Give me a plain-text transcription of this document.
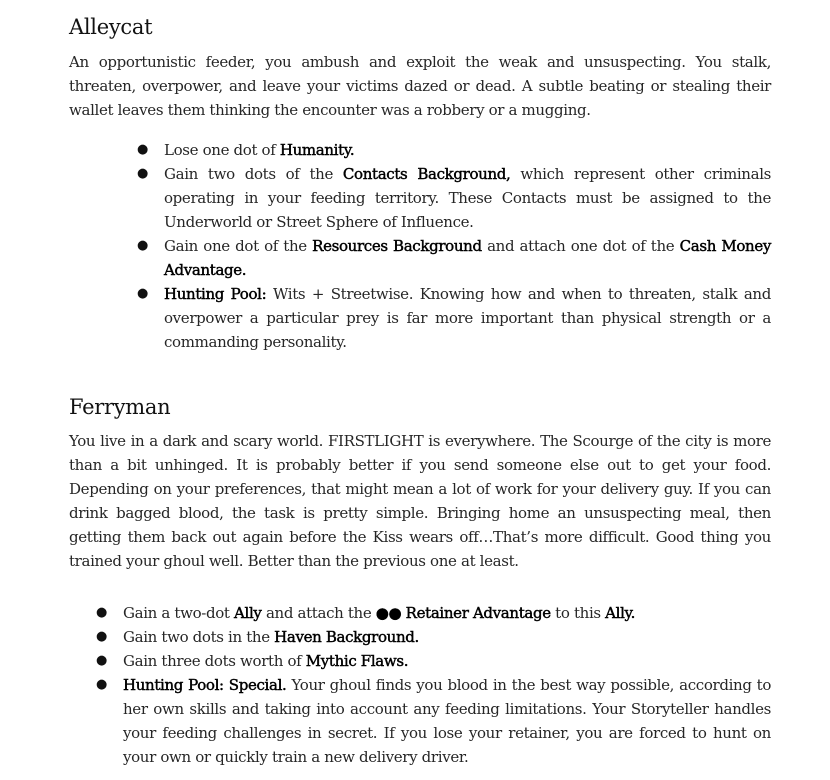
Alleycat

An opportunistic feeder, you ambush and exploit the weak and unsuspecting. You stalk, threaten, overpower, and leave your victims dazed or dead. A subtle beating or stealing their wallet leaves them thinking the encounter was a robbery or a mugging.

● Lose one dot of Humanity.
● Gain two dots of the Contacts Background, which represent other criminals operating in your feeding territory. These Contacts must be assigned to the Underworld or Street Sphere of Influence.
● Gain one dot of the Resources Background and attach one dot of the Cash Money Advantage.
● Hunting Pool: Wits + Streetwise. Knowing how and when to threaten, stalk and overpower a particular prey is far more important than physical strength or a commanding personality.
Ferryman

You live in a dark and scary world. FIRSTLIGHT is everywhere. The Scourge of the city is more than a bit unhinged. It is probably better if you send someone else out to get your food. Depending on your preferences, that might mean a lot of work for your delivery guy. If you can drink bagged blood, the task is pretty simple. Bringing home an unsuspecting meal, then getting them back out again before the Kiss wears off…That’s more difficult. Good thing you trained your ghoul well. Better than the previous one at least.

● Gain a two-dot Ally and attach the ●● Retainer Advantage to this Ally.
● Gain two dots in the Haven Background.
● Gain three dots worth of Mythic Flaws.
● Hunting Pool: Special. Your ghoul finds you blood in the best way possible, according to her own skills and taking into account any feeding limitations. Your Storyteller handles your feeding challenges in secret. If you lose your retainer, you are forced to hunt on your own or quickly train a new delivery driver.
